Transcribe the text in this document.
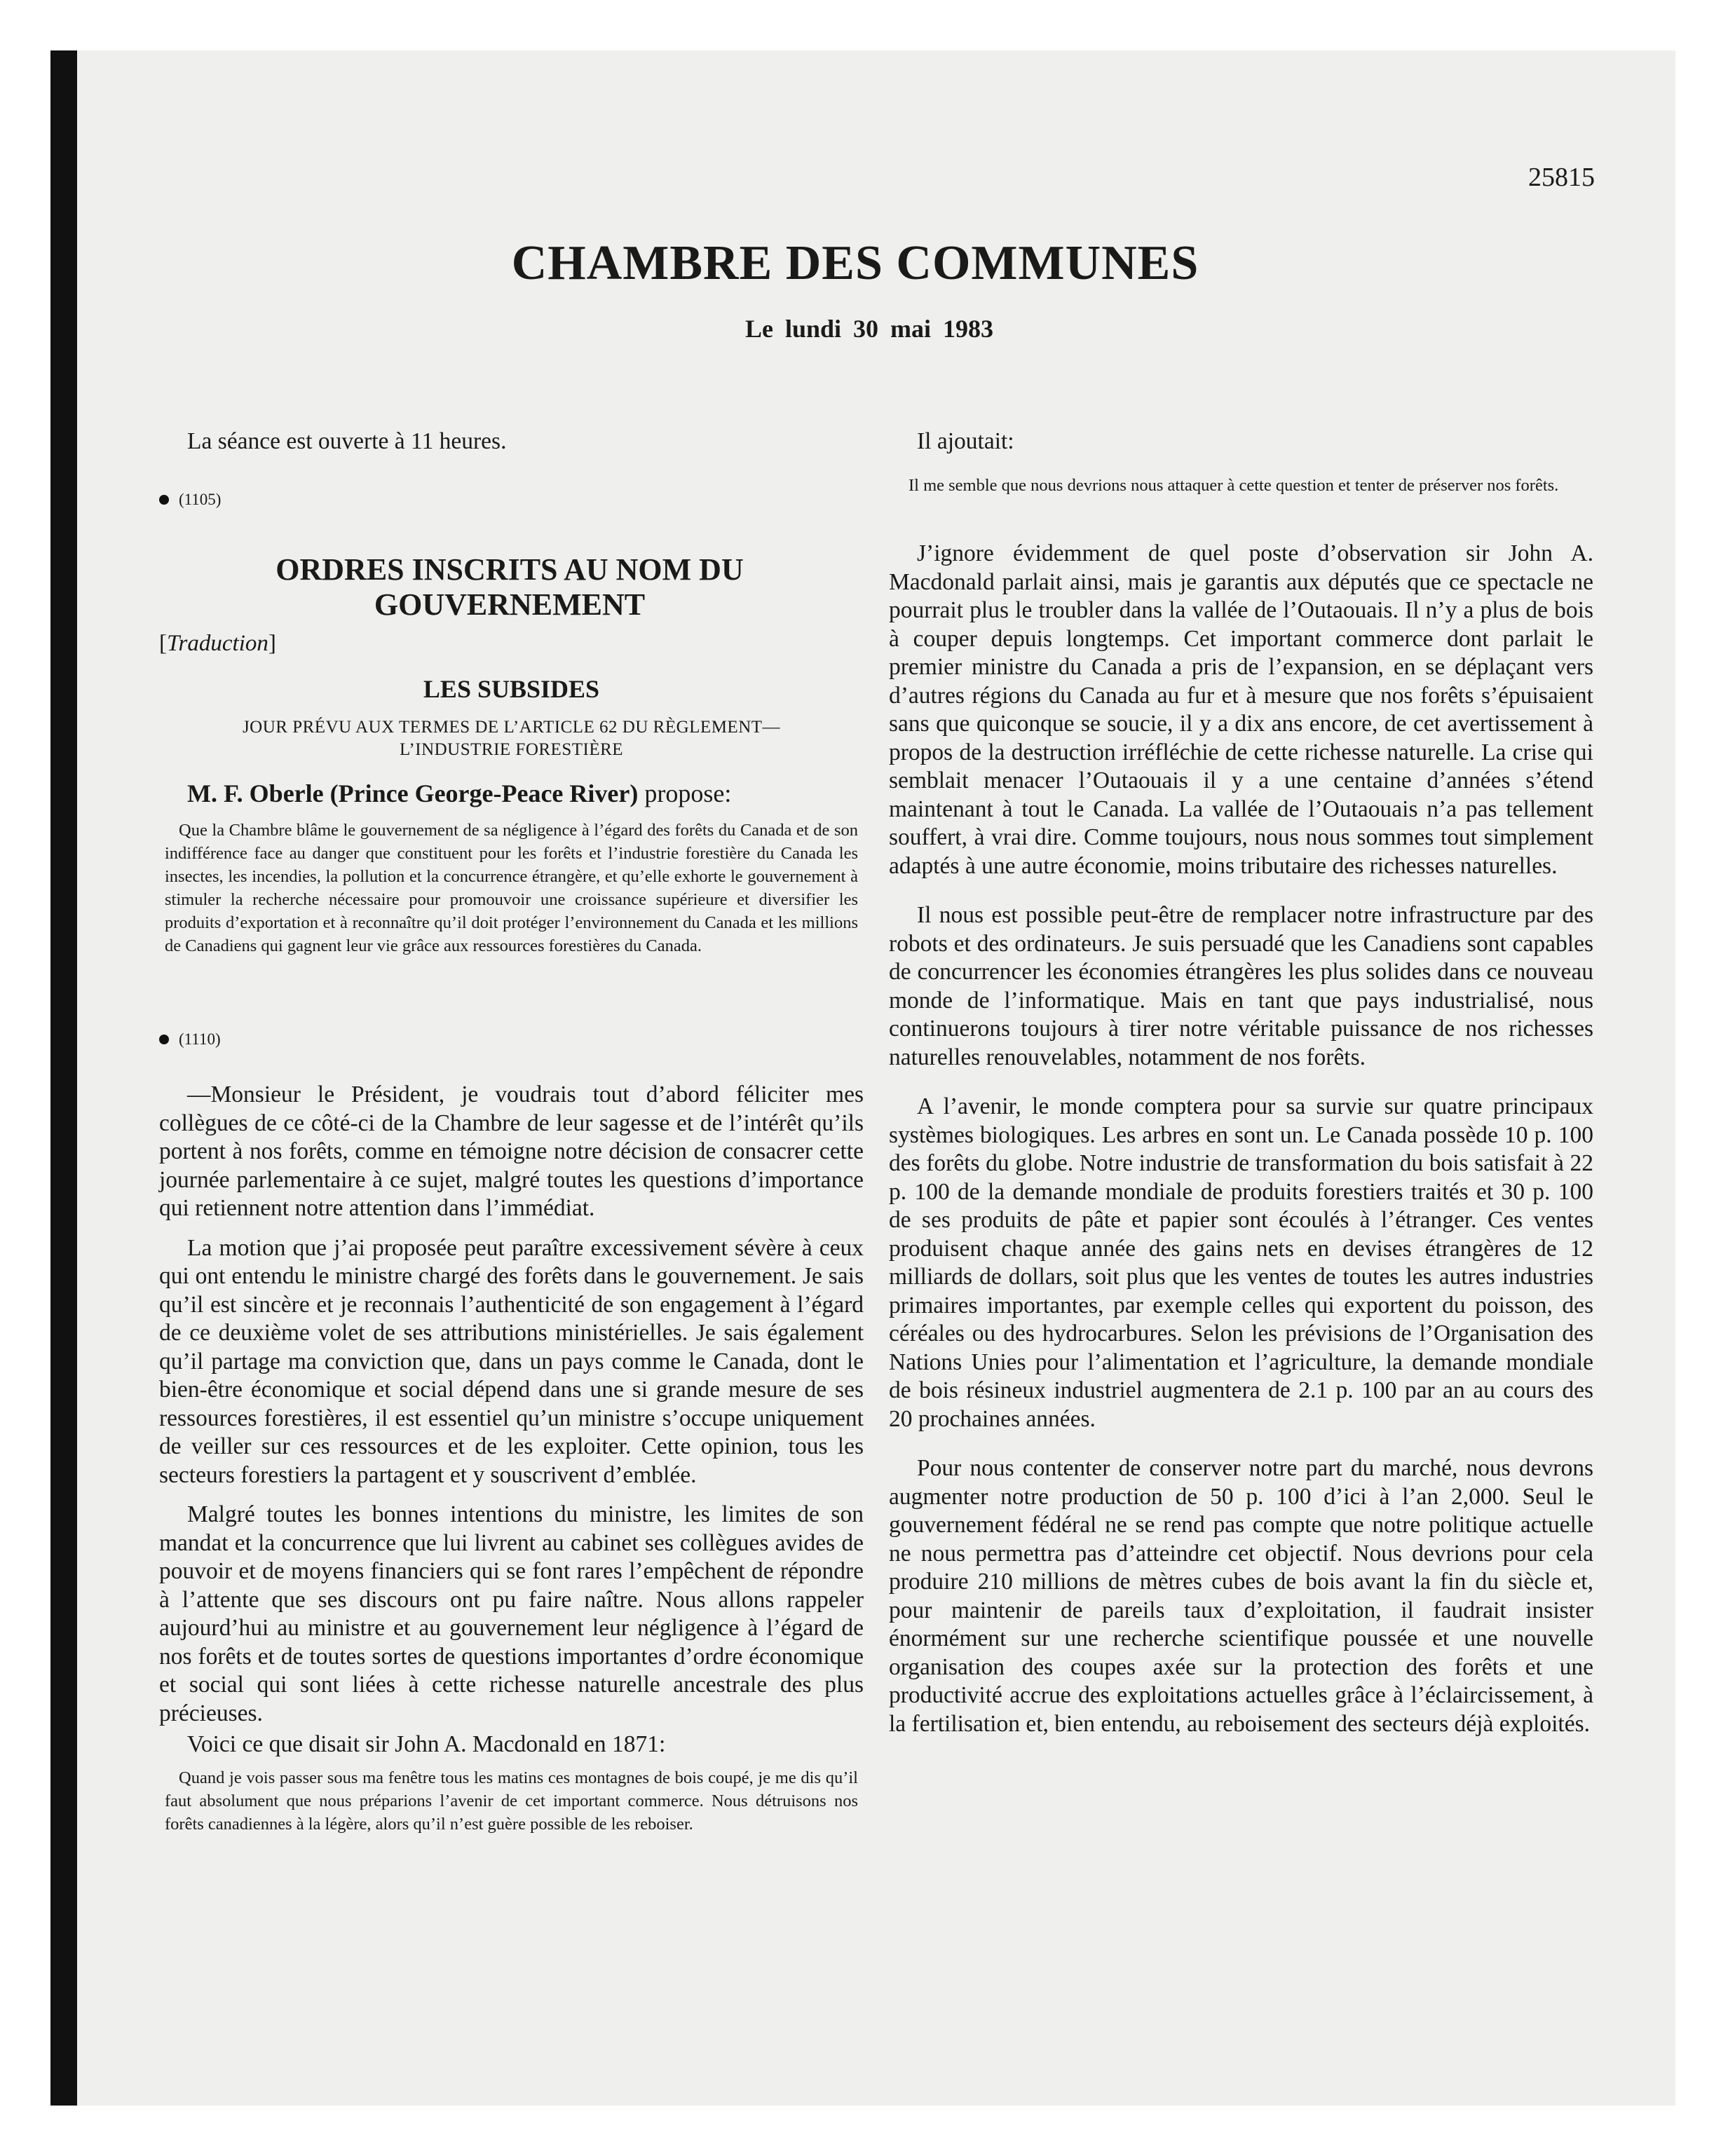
25815
CHAMBRE DES COMMUNES
Le lundi 30 mai 1983

La séance est ouverte à 11 heures.

(1105)

ORDRES INSCRITS AU NOM DU GOUVERNEMENT

[Traduction]

LES SUBSIDES

JOUR PRÉVU AUX TERMES DE L’ARTICLE 62 DU RÈGLEMENT—

L’INDUSTRIE FORESTIÈRE

M. F. Oberle (Prince George-Peace River) propose:

Que la Chambre blâme le gouvernement de sa négligence à l’égard des forêts du Canada et de son indifférence face au danger que constituent pour les forêts et l’industrie forestière du Canada les insectes, les incendies, la pollution et la concurrence étrangère, et qu’elle exhorte le gouvernement à stimuler la recherche nécessaire pour promouvoir une croissance supérieure et diversifier les produits d’exportation et à reconnaître qu’il doit protéger l’environnement du Canada et les millions de Canadiens qui gagnent leur vie grâce aux ressources forestières du Canada.

(1110)

—Monsieur le Président, je voudrais tout d’abord féliciter mes collègues de ce côté-ci de la Chambre de leur sagesse et de l’intérêt qu’ils portent à nos forêts, comme en témoigne notre décision de consacrer cette journée parlementaire à ce sujet, malgré toutes les questions d’importance qui retiennent notre attention dans l’immédiat.

La motion que j’ai proposée peut paraître excessivement sévère à ceux qui ont entendu le ministre chargé des forêts dans le gouvernement. Je sais qu’il est sincère et je reconnais l’authenticité de son engagement à l’égard de ce deuxième volet de ses attributions ministérielles. Je sais également qu’il partage ma conviction que, dans un pays comme le Canada, dont le bien-être économique et social dépend dans une si grande mesure de ses ressources forestières, il est essentiel qu’un ministre s’occupe uniquement de veiller sur ces ressources et de les exploiter. Cette opinion, tous les secteurs forestiers la partagent et y souscrivent d’emblée.

Malgré toutes les bonnes intentions du ministre, les limites de son mandat et la concurrence que lui livrent au cabinet ses collègues avides de pouvoir et de moyens financiers qui se font rares l’empêchent de répondre à l’attente que ses discours ont pu faire naître. Nous allons rappeler aujourd’hui au ministre et au gouvernement leur négligence à l’égard de nos forêts et de toutes sortes de questions importantes d’ordre économique et social qui sont liées à cette richesse naturelle ancestrale des plus précieuses.

Voici ce que disait sir John A. Macdonald en 1871:

Quand je vois passer sous ma fenêtre tous les matins ces montagnes de bois coupé, je me dis qu’il faut absolument que nous préparions l’avenir de cet important commerce. Nous détruisons nos forêts canadiennes à la légère, alors qu’il n’est guère possible de les reboiser.

Il ajoutait:

Il me semble que nous devrions nous attaquer à cette question et tenter de préserver nos forêts.

J’ignore évidemment de quel poste d’observation sir John A. Macdonald parlait ainsi, mais je garantis aux députés que ce spectacle ne pourrait plus le troubler dans la vallée de l’Outaouais. Il n’y a plus de bois à couper depuis longtemps. Cet important commerce dont parlait le premier ministre du Canada a pris de l’expansion, en se déplaçant vers d’autres régions du Canada au fur et à mesure que nos forêts s’épuisaient sans que quiconque se soucie, il y a dix ans encore, de cet avertissement à propos de la destruction irréfléchie de cette richesse naturelle. La crise qui semblait menacer l’Outaouais il y a une centaine d’années s’étend maintenant à tout le Canada. La vallée de l’Outaouais n’a pas tellement souffert, à vrai dire. Comme toujours, nous nous sommes tout simplement adaptés à une autre économie, moins tributaire des richesses naturelles.

Il nous est possible peut-être de remplacer notre infrastructure par des robots et des ordinateurs. Je suis persuadé que les Canadiens sont capables de concurrencer les économies étrangères les plus solides dans ce nouveau monde de l’informatique. Mais en tant que pays industrialisé, nous continuerons toujours à tirer notre véritable puissance de nos richesses naturelles renouvelables, notamment de nos forêts.

A l’avenir, le monde comptera pour sa survie sur quatre principaux systèmes biologiques. Les arbres en sont un. Le Canada possède 10 p. 100 des forêts du globe. Notre industrie de transformation du bois satisfait à 22 p. 100 de la demande mondiale de produits forestiers traités et 30 p. 100 de ses produits de pâte et papier sont écoulés à l’étranger. Ces ventes produisent chaque année des gains nets en devises étrangères de 12 milliards de dollars, soit plus que les ventes de toutes les autres industries primaires importantes, par exemple celles qui exportent du poisson, des céréales ou des hydrocarbures. Selon les prévisions de l’Organisation des Nations Unies pour l’alimentation et l’agriculture, la demande mondiale de bois résineux industriel augmentera de 2.1 p. 100 par an au cours des 20 prochaines années.

Pour nous contenter de conserver notre part du marché, nous devrons augmenter notre production de 50 p. 100 d’ici à l’an 2,000. Seul le gouvernement fédéral ne se rend pas compte que notre politique actuelle ne nous permettra pas d’atteindre cet objectif. Nous devrions pour cela produire 210 millions de mètres cubes de bois avant la fin du siècle et, pour maintenir de pareils taux d’exploitation, il faudrait insister énormément sur une recherche scientifique poussée et une nouvelle organisation des coupes axée sur la protection des forêts et une productivité accrue des exploitations actuelles grâce à l’éclaircissement, à la fertilisation et, bien entendu, au reboisement des secteurs déjà exploités.
